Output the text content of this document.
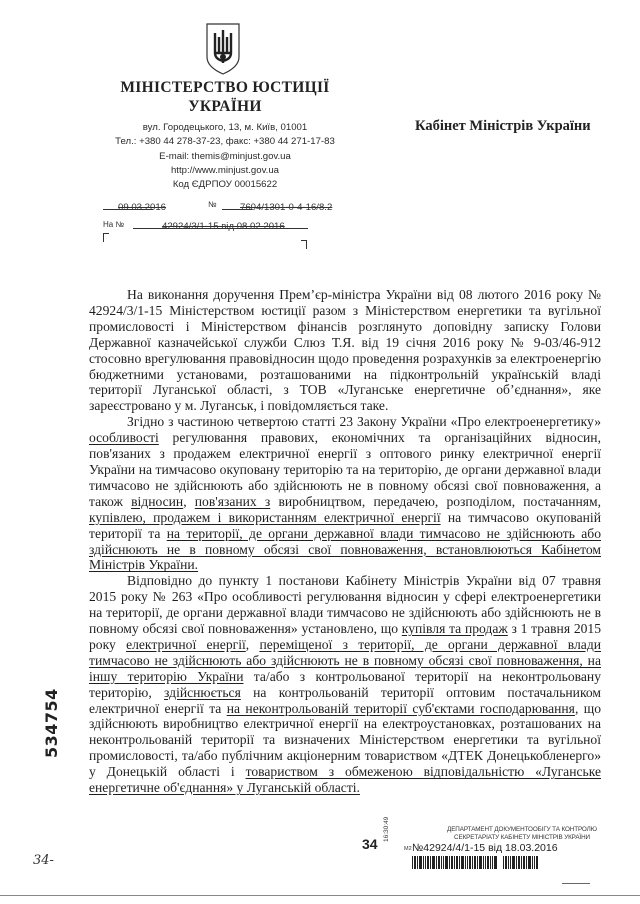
МІНІСТЕРСТВО ЮСТИЦІЇ
УКРАЇНИ
вул. Городецького, 13, м. Київ, 01001
Тел.: +380 44 278-37-23, факс: +380 44 271-17-83
E-mail: themis@minjust.gov.ua
http://www.minjust.gov.ua
Код ЄДРПОУ 00015622
Кабінет Міністрів України
09.03.2016	№ 7604/1301-0-4-16/8.2
На №	42924/3/1-15 від 08.02.2016

На виконання доручення Прем’єр-міністра України від 08 лютого 2016 року № 42924/3/1-15 Міністерством юстиції разом з Міністерством енергетики та вугільної промисловості і Міністерством фінансів розглянуто доповідну записку Голови Державної казначейської служби Слюз Т.Я. від 19 січня 2016 року № 9-03/46-912 стосовно врегулювання правовідносин щодо проведення розрахунків за електроенергію бюджетними установами, розташованими на підконтрольній українській владі території Луганської області, з ТОВ «Луганське енергетичне об’єднання», яке зареєстровано у м. Луганськ, і повідомляється таке.

Згідно з частиною четвертою статті 23 Закону України «Про електроенергетику» особливості регулювання правових, економічних та організаційних відносин, пов'язаних з продажем електричної енергії з оптового ринку електричної енергії України на тимчасово окуповану територію та на територію, де органи державної влади тимчасово не здійснюють або здійснюють не в повному обсязі свої повноваження, а також відносин, пов'язаних з виробництвом, передачею, розподілом, постачанням, купівлею, продажем і використанням електричної енергії на тимчасово окупованій території та на території, де органи державної влади тимчасово не здійснюють або здійснюють не в повному обсязі свої повноваження, встановлюються Кабінетом Міністрів України.

Відповідно до пункту 1 постанови Кабінету Міністрів України від 07 травня 2015 року № 263 «Про особливості регулювання відносин у сфері електроенергетики на території, де органи державної влади тимчасово не здійснюють або здійснюють не в повному обсязі свої повноваження» установлено, що купівля та продаж з 1 травня 2015 року електричної енергії, переміщеної з території, де органи державної влади тимчасово не здійснюють або здійснюють не в повному обсязі свої повноваження, на іншу територію України та/або з контрольованої території на неконтрольовану територію, здійснюється на контрольованій території оптовим постачальником електричної енергії та на неконтрольованій території суб'єктами господарювання, що здійснюють виробництво електричної енергії на електроустановках, розташованих на неконтрольованій території та визначених Міністерством енергетики та вугільної промисловості, та/або публічним акціонерним товариством «ДТЕК Донецькобленерго» у Донецькій області і товариством з обмеженою відповідальністю «Луганське енергетичне об'єднання» у Луганській області.

ДЕПАРТАМЕНТ ДОКУМЕНТООБІГУ ТА КОНТРОЛЮ
СЕКРЕТАРІАТУ КАБІНЕТУ МІНІСТРІВ УКРАЇНИ
34
16:30:49
М2 №42924/4/1-15 від 18.03.2016
534754
34-
